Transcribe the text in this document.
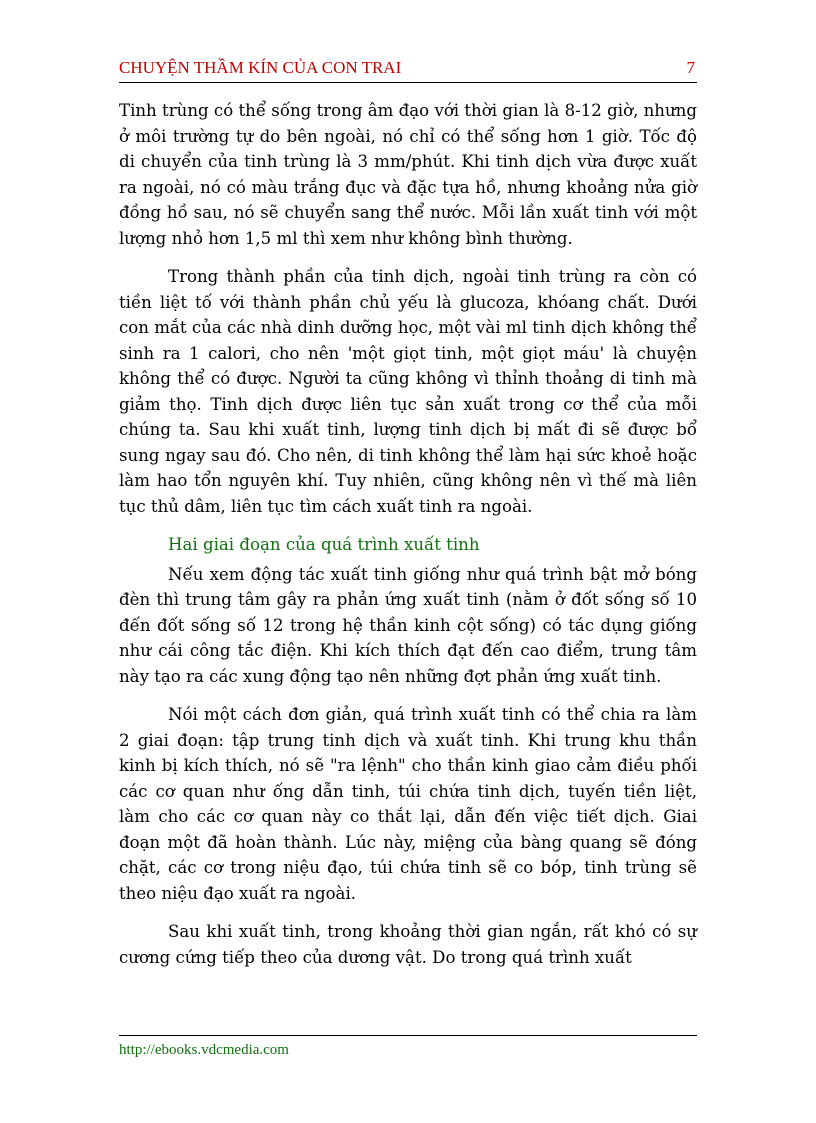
CHUYỆN THẦM KÍN CỦA CON TRAI	7

Tinh trùng có thể sống trong âm đạo với thời gian là 8-12 giờ, nhưng ở môi trường tự do bên ngoài, nó chỉ có thể sống hơn 1 giờ. Tốc độ di chuyển của tinh trùng là 3 mm/phút. Khi tinh dịch vừa được xuất ra ngoài, nó có màu trắng đục và đặc tựa hồ, nhưng khoảng nửa giờ đồng hồ sau, nó sẽ chuyển sang thể nước. Mỗi lần xuất tinh với một lượng nhỏ hơn 1,5 ml thì xem như không bình thường.

Trong thành phần của tinh dịch, ngoài tinh trùng ra còn có tiền liệt tố với thành phần chủ yếu là glucoza, khóang chất. Dưới con mắt của các nhà dinh dưỡng học, một vài ml tinh dịch không thể sinh ra 1 calori, cho nên 'một giọt tinh, một giọt máu' là chuyện không thể có được. Người ta cũng không vì thỉnh thoảng di tinh mà giảm thọ. Tinh dịch được liên tục sản xuất trong cơ thể của mỗi chúng ta. Sau khi xuất tinh, lượng tinh dịch bị mất đi sẽ được bổ sung ngay sau đó. Cho nên, di tinh không thể làm hại sức khoẻ hoặc làm hao tổn nguyên khí. Tuy nhiên, cũng không nên vì thế mà liên tục thủ dâm, liên tục tìm cách xuất tinh ra ngoài.

Hai giai đoạn của quá trình xuất tinh

Nếu xem động tác xuất tinh giống như quá trình bật mở bóng đèn thì trung tâm gây ra phản ứng xuất tinh (nằm ở đốt sống số 10 đến đốt sống số 12 trong hệ thần kinh cột sống) có tác dụng giống như cái công tắc điện. Khi kích thích đạt đến cao điểm, trung tâm này tạo ra các xung động tạo nên những đợt phản ứng xuất tinh.

Nói một cách đơn giản, quá trình xuất tinh có thể chia ra làm 2 giai đoạn: tập trung tinh dịch và xuất tinh. Khi trung khu thần kinh bị kích thích, nó sẽ "ra lệnh" cho thần kinh giao cảm điều phối các cơ quan như ống dẫn tinh, túi chứa tinh dịch, tuyến tiền liệt, làm cho các cơ quan này co thắt lại, dẫn đến việc tiết dịch. Giai đoạn một đã hoàn thành. Lúc này, miệng của bàng quang sẽ đóng chặt, các cơ trong niệu đạo, túi chứa tinh sẽ co bóp, tinh trùng sẽ theo niệu đạo xuất ra ngoài.

Sau khi xuất tinh, trong khoảng thời gian ngắn, rất khó có sự cương cứng tiếp theo của dương vật. Do trong quá trình xuất

http://ebooks.vdcmedia.com
